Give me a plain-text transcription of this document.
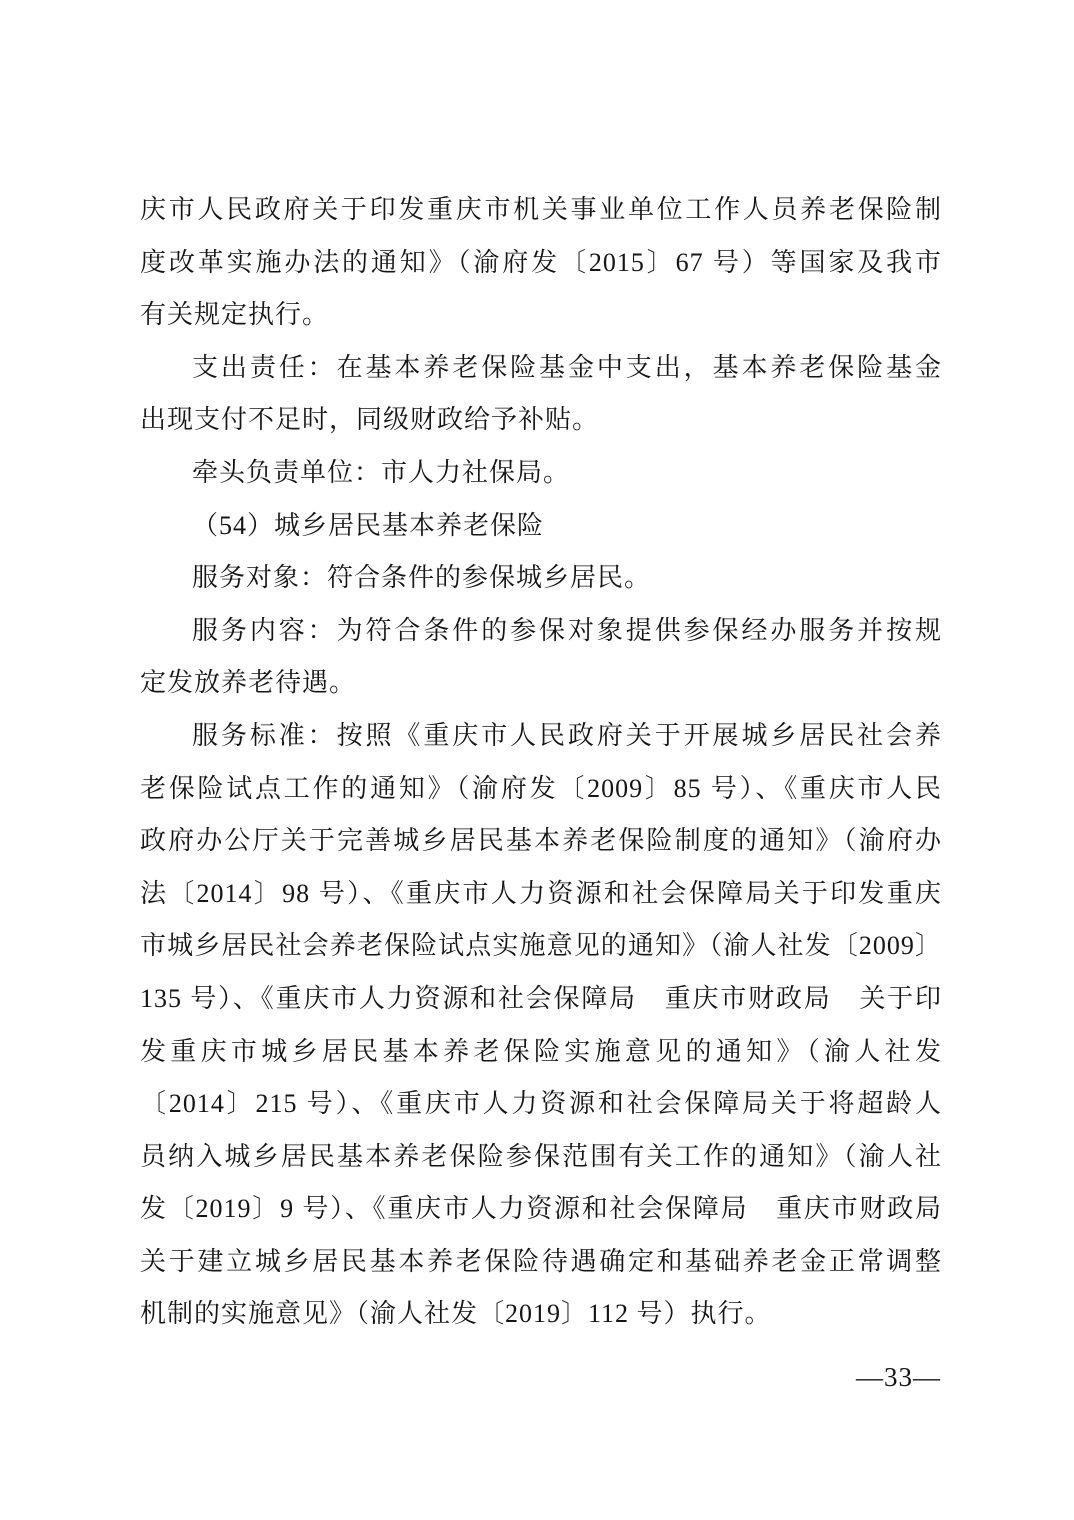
庆市人民政府关于印发重庆市机关事业单位工作人员养老保险制
度改革实施办法的通知》（渝府发〔2015〕67 号）等国家及我市
有关规定执行。
支出责任：在基本养老保险基金中支出，基本养老保险基金
出现支付不足时，同级财政给予补贴。
牵头负责单位：市人力社保局。
（54）城乡居民基本养老保险
服务对象：符合条件的参保城乡居民。
服务内容：为符合条件的参保对象提供参保经办服务并按规
定发放养老待遇。
服务标准：按照《重庆市人民政府关于开展城乡居民社会养
老保险试点工作的通知》（渝府发〔2009〕85 号）、《重庆市人民
政府办公厅关于完善城乡居民基本养老保险制度的通知》（渝府办
法〔2014〕98 号）、《重庆市人力资源和社会保障局关于印发重庆
市城乡居民社会养老保险试点实施意见的通知》（渝人社发〔2009〕
135 号）、《重庆市人力资源和社会保障局　重庆市财政局　关于印
发重庆市城乡居民基本养老保险实施意见的通知》（渝人社发
〔2014〕215 号）、《重庆市人力资源和社会保障局关于将超龄人
员纳入城乡居民基本养老保险参保范围有关工作的通知》（渝人社
发〔2019〕9 号）、《重庆市人力资源和社会保障局　重庆市财政局
关于建立城乡居民基本养老保险待遇确定和基础养老金正常调整
机制的实施意见》（渝人社发〔2019〕112 号）执行。
—33—
